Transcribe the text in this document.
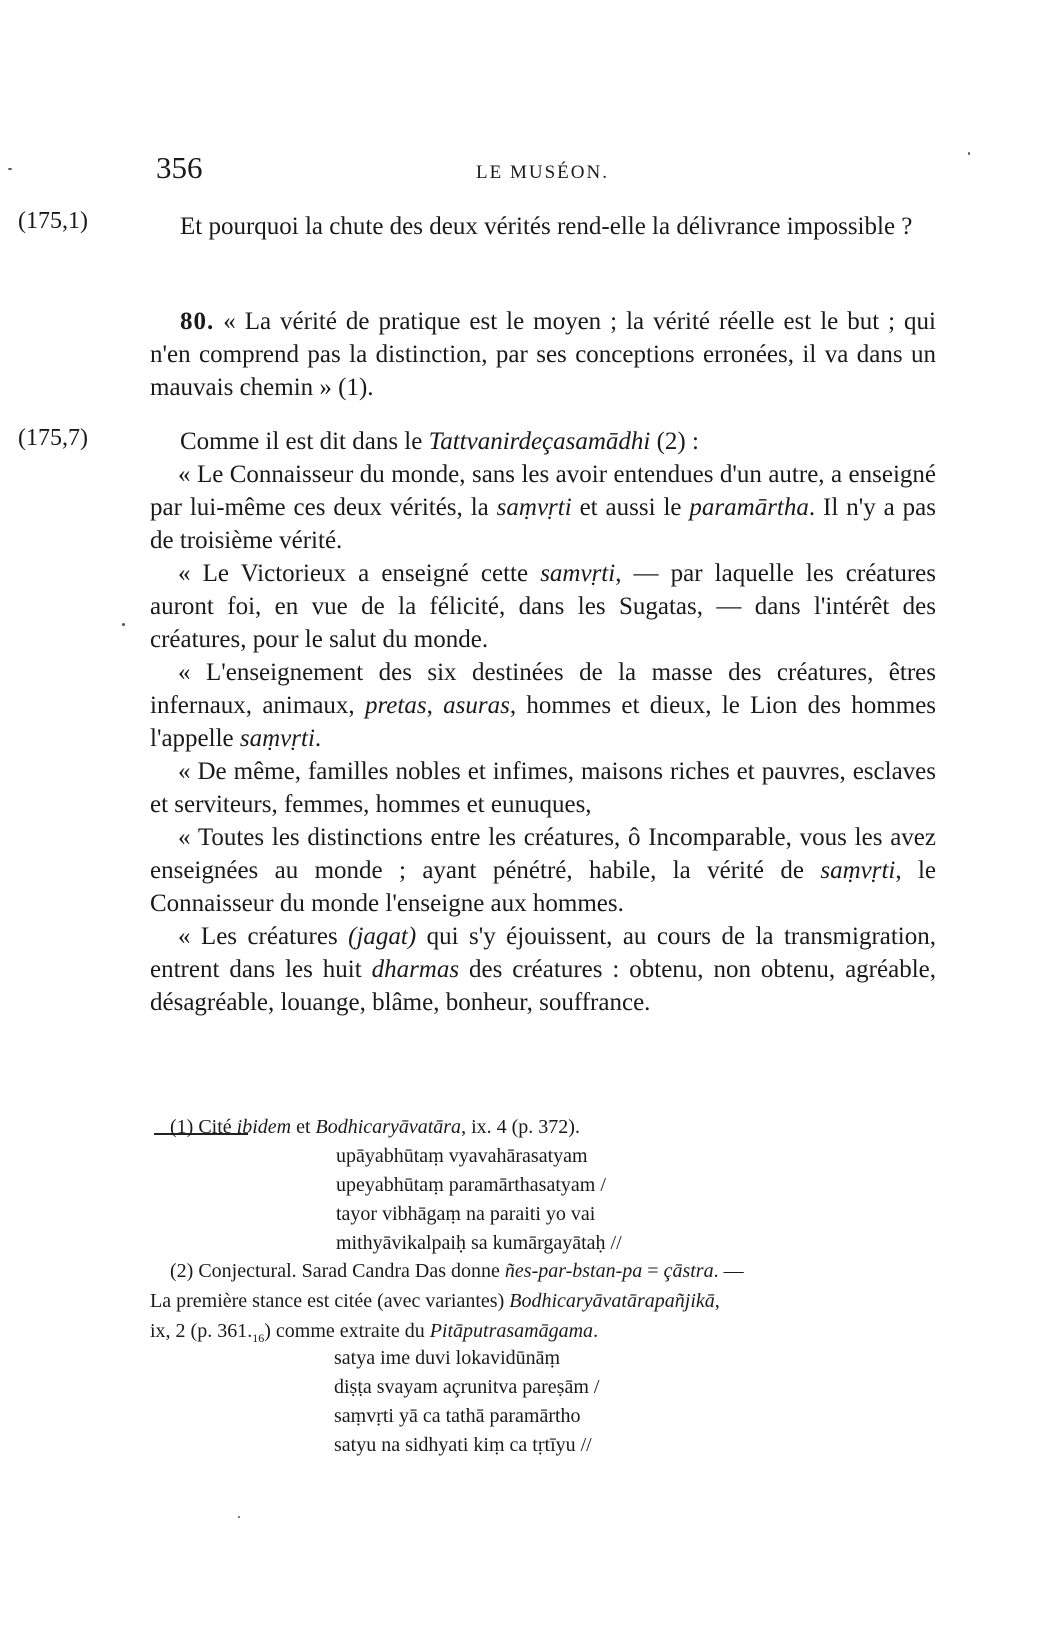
356	LE MUSÉON.
(175,1)
(175,7)

Et pourquoi la chute des deux vérités rend-elle la délivrance impossible ?

80. « La vérité de pratique est le moyen ; la vérité réelle est le but ; qui n'en comprend pas la distinction, par ses conceptions erronées, il va dans un mauvais chemin » (1).

Comme il est dit dans le Tattvanirdeçasamādhi (2) :

« Le Connaisseur du monde, sans les avoir entendues d'un autre, a enseigné par lui-même ces deux vérités, la saṃvṛti et aussi le paramārtha. Il n'y a pas de troisième vérité.

« Le Victorieux a enseigné cette samvṛti, — par laquelle les créatures auront foi, en vue de la félicité, dans les Sugatas, — dans l'intérêt des créatures, pour le salut du monde.

« L'enseignement des six destinées de la masse des créatures, êtres infernaux, animaux, pretas, asuras, hommes et dieux, le Lion des hommes l'appelle saṃvṛti.

« De même, familles nobles et infimes, maisons riches et pauvres, esclaves et serviteurs, femmes, hommes et eunuques,

« Toutes les distinctions entre les créatures, ô Incomparable, vous les avez enseignées au monde ; ayant pénétré, habile, la vérité de saṃvṛti, le Connaisseur du monde l'enseigne aux hommes.

« Les créatures (jagat) qui s'y éjouissent, au cours de la transmigration, entrent dans les huit dharmas des créatures : obtenu, non obtenu, agréable, désagréable, louange, blâme, bonheur, souffrance.

(1) Cité ibidem et Bodhicaryāvatāra, ix. 4 (p. 372).

upāyabhūtaṃ vyavahārasatyam
upeyabhūtaṃ paramārthasatyam /
tayor vibhāgaṃ na paraiti yo vai
mithyāvikalpaiḥ sa kumārgayātaḥ //

(2) Conjectural. Sarad Candra Das donne ñes-par-bstan-pa = çāstra. —

La première stance est citée (avec variantes) Bodhicaryāvatārapañjikā,

ix, 2 (p. $361._{16}$) comme extraite du Pitāputrasamāgama.

satya ime duvi lokavidūnāṃ
diṣṭa svayam açrunitva pareṣām /
saṃvṛti yā ca tathā paramārtho
satyu na sidhyati kiṃ ca tṛtīyu //
